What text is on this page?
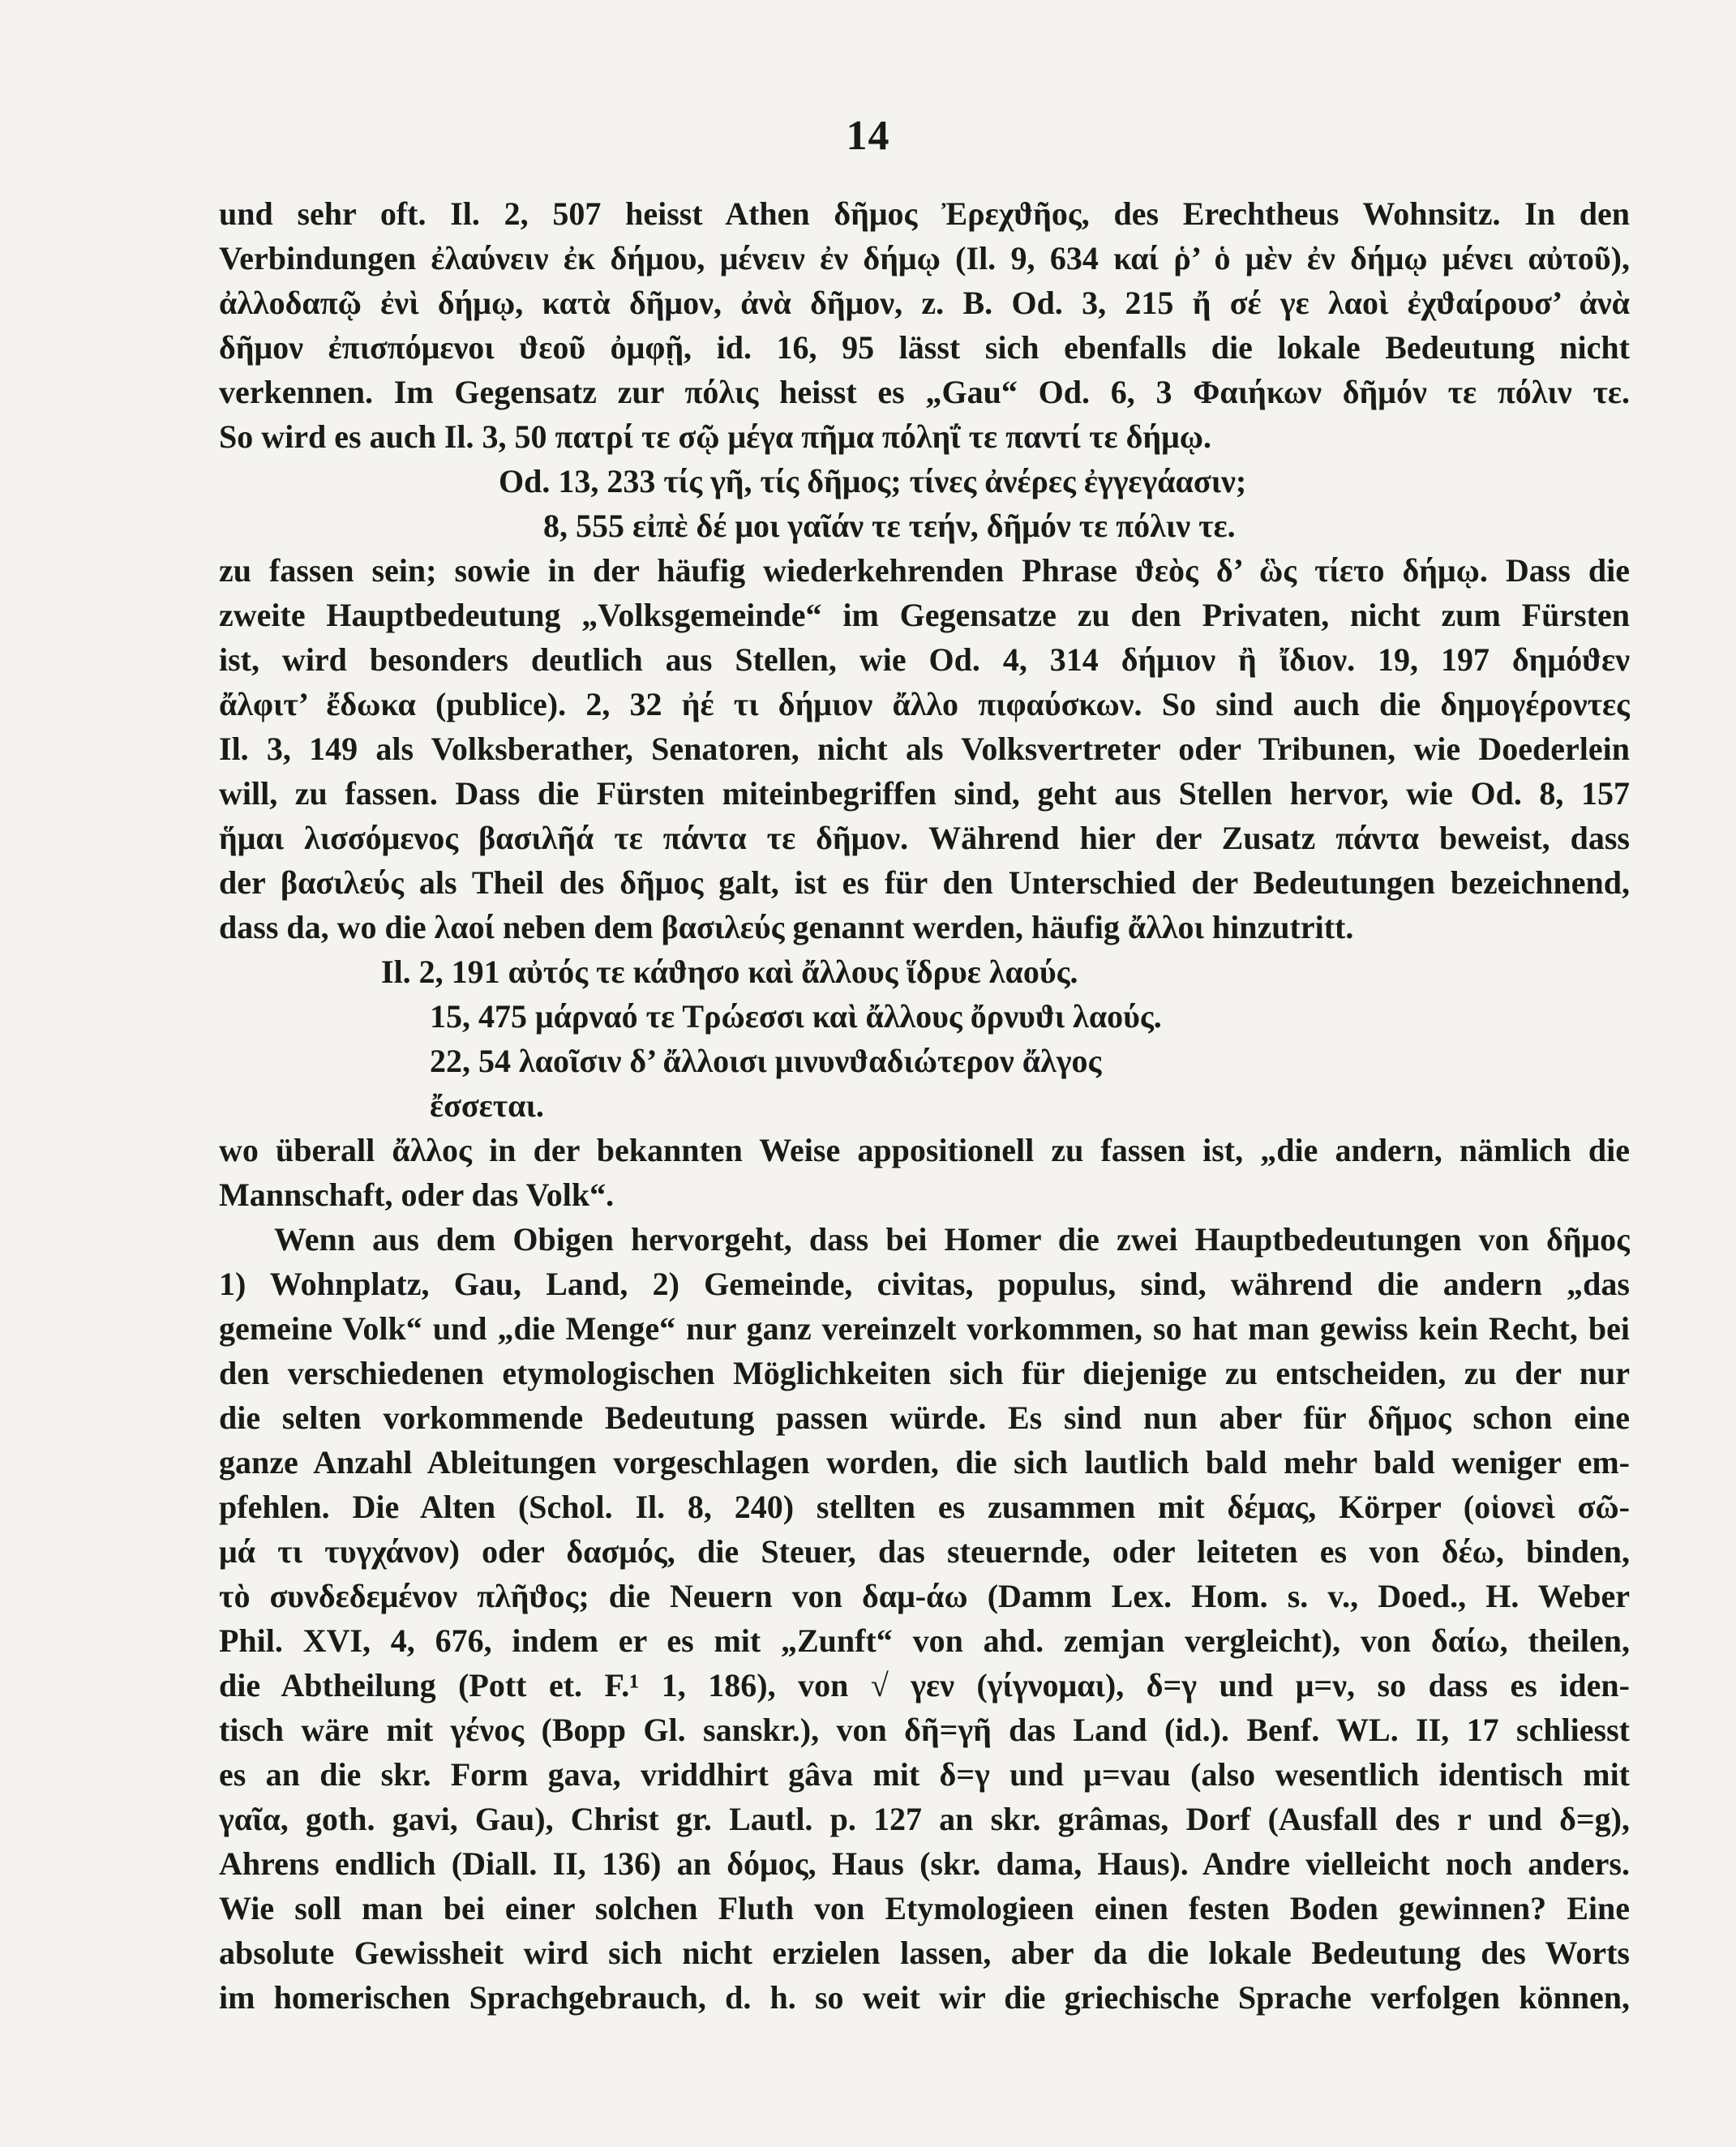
14
und sehr oft. Il. 2, 507 heisst Athen δῆμος Ἐρεχϑῆος, des Erechtheus Wohnsitz. In den
Verbindungen ἐλαύνειν ἐκ δήμου, μένειν ἐν δήμῳ (Il. 9, 634 καί ῥ’ ὁ μὲν ἐν δήμῳ μένει αὐτοῦ),
ἀλλοδαπῷ ἐνὶ δήμῳ, κατὰ δῆμον, ἀνὰ δῆμον, z. B. Od. 3, 215 ἤ σέ γε λαοὶ ἐχϑαίρουσ’ ἀνὰ
δῆμον ἐπισπόμενοι ϑεοῦ ὀμφῇ, id. 16, 95 lässt sich ebenfalls die lokale Bedeutung nicht
verkennen. Im Gegensatz zur πόλις heisst es „Gau“ Od. 6, 3 Φαιήκων δῆμόν τε πόλιν τε.
So wird es auch Il. 3, 50 πατρί τε σῷ μέγα πῆμα πόληΐ τε παντί τε δήμῳ.
Od. 13, 233 τίς γῆ, τίς δῆμος; τίνες ἀνέρες ἐγγεγάασιν;
8, 555 εἰπὲ δέ μοι γαῖάν τε τεήν, δῆμόν τε πόλιν τε.
zu fassen sein; sowie in der häufig wiederkehrenden Phrase ϑεὸς δ’ ὣς τίετο δήμῳ. Dass die
zweite Hauptbedeutung „Volksgemeinde“ im Gegensatze zu den Privaten, nicht zum Fürsten
ist, wird besonders deutlich aus Stellen, wie Od. 4, 314 δήμιον ἢ ἴδιον. 19, 197 δημόϑεν
ἄλφιτ’ ἔδωκα (publice). 2, 32 ἠέ τι δήμιον ἄλλο πιφαύσκων. So sind auch die δημογέροντες
Il. 3, 149 als Volksberather, Senatoren, nicht als Volksvertreter oder Tribunen, wie Doederlein
will, zu fassen. Dass die Fürsten miteinbegriffen sind, geht aus Stellen hervor, wie Od. 8, 157
ἥμαι λισσόμενος βασιλῆά τε πάντα τε δῆμον. Während hier der Zusatz πάντα beweist, dass
der βασιλεύς als Theil des δῆμος galt, ist es für den Unterschied der Bedeutungen bezeichnend,
dass da, wo die λαοί neben dem βασιλεύς genannt werden, häufig ἄλλοι hinzutritt.
Il. 2, 191 αὐτός τε κάϑησο καὶ ἄλλους ἵδρυε λαούς.
15, 475 μάρναό τε Τρώεσσι καὶ ἄλλους ὄρνυϑι λαούς.
22, 54 λαοῖσιν δ’ ἄλλοισι μινυνϑαδιώτερον ἄλγος
ἔσσεται.
wo überall ἄλλος in der bekannten Weise appositionell zu fassen ist, „die andern, nämlich die
Mannschaft, oder das Volk“.
Wenn aus dem Obigen hervorgeht, dass bei Homer die zwei Hauptbedeutungen von δῆμος
1) Wohnplatz, Gau, Land, 2) Gemeinde, civitas, populus, sind, während die andern „das
gemeine Volk“ und „die Menge“ nur ganz vereinzelt vorkommen, so hat man gewiss kein Recht, bei
den verschiedenen etymologischen Möglichkeiten sich für diejenige zu entscheiden, zu der nur
die selten vorkommende Bedeutung passen würde. Es sind nun aber für δῆμος schon eine
ganze Anzahl Ableitungen vorgeschlagen worden, die sich lautlich bald mehr bald weniger em-
pfehlen. Die Alten (Schol. Il. 8, 240) stellten es zusammen mit δέμας, Körper (οἱονεὶ σῶ-
μά τι τυγχάνον) oder δασμός, die Steuer, das steuernde, oder leiteten es von δέω, binden,
τὸ συνδεδεμένον πλῆϑος; die Neuern von δαμ-άω (Damm Lex. Hom. s. v., Doed., H. Weber
Phil. XVI, 4, 676, indem er es mit „Zunft“ von ahd. zemjan vergleicht), von δαίω, theilen,
die Abtheilung (Pott et. F.¹ 1, 186), von √ γεν (γίγνομαι), δ=γ und μ=ν, so dass es iden-
tisch wäre mit γένος (Bopp Gl. sanskr.), von δῆ=γῆ das Land (id.). Benf. WL. II, 17 schliesst
es an die skr. Form gava, vriddhirt gâva mit δ=γ und μ=vau (also wesentlich identisch mit
γαῖα, goth. gavi, Gau), Christ gr. Lautl. p. 127 an skr. grâmas, Dorf (Ausfall des r und δ=g),
Ahrens endlich (Diall. II, 136) an δόμος, Haus (skr. dama, Haus). Andre vielleicht noch anders.
Wie soll man bei einer solchen Fluth von Etymologieen einen festen Boden gewinnen? Eine
absolute Gewissheit wird sich nicht erzielen lassen, aber da die lokale Bedeutung des Worts
im homerischen Sprachgebrauch, d. h. so weit wir die griechische Sprache verfolgen können,
